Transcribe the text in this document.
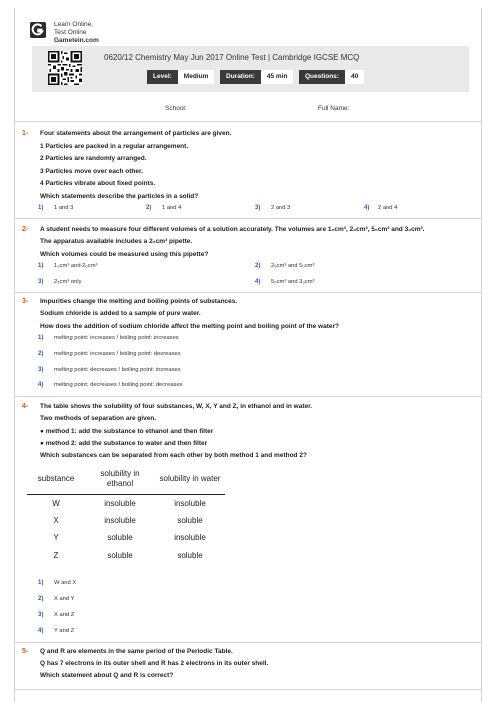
Learn Online, Test Online
Gametein.com
0620/12 Chemistry May Jun 2017 Online Test | Cambridge IGCSE MCQ
Level:	Medium	Duration:	45 min	Questions:	40
School:	Full Name:
1- Four statements about the arrangement of particles are given.
1 Particles are packed in a regular arrangement.
2 Particles are randomly arranged.
3 Particles move over each other.
4 Particles vibrate about fixed points.
Which statements describe the particles in a solid?
1) 1 and 3	2) 1 and 4	3) 2 and 3	4) 2 and 4
2- A student needs to measure four different volumes of a solution accurately. The volumes are 1₀cm³, 2₀cm³, 5₀cm³ and 3₀cm³.
The apparatus available includes a 2₅cm³ pipette.
Which volumes could be measured using this pipette?
1) 1₀cm³ and 2₀cm³	2) 2₅cm³ and 5₀cm³
3) 2₅cm³ only	4) 5₀cm³ and 3₀cm³
3- Impurities change the melting and boiling points of substances.
Sodium chloride is added to a sample of pure water.
How does the addition of sodium chloride affect the melting point and boiling point of the water?
1) melting point: increases / boiling point: increases
2) melting point: increases / boiling point: decreases
3) melting point: decreases / boiling point: increases
4) melting point: decreases / boiling point: decreases
4- The table shows the solubility of four substances, W, X, Y and Z, in ethanol and in water.
Two methods of separation are given.
● method 1: add the substance to ethanol and then filter
● method 2: add the substance to water and then filter
Which substances can be separated from each other by both method 1 and method 2?
substance	solubility in ethanol	solubility in water
W	insoluble	insoluble
X	insoluble	soluble
Y	soluble	insoluble
Z	soluble	soluble
1) W and X
2) X and Y
3) X and Z
4) Y and Z
5- Q and R are elements in the same period of the Periodic Table.
Q has 7 electrons in its outer shell and R has 2 electrons in its outer shell.
Which statement about Q and R is correct?
